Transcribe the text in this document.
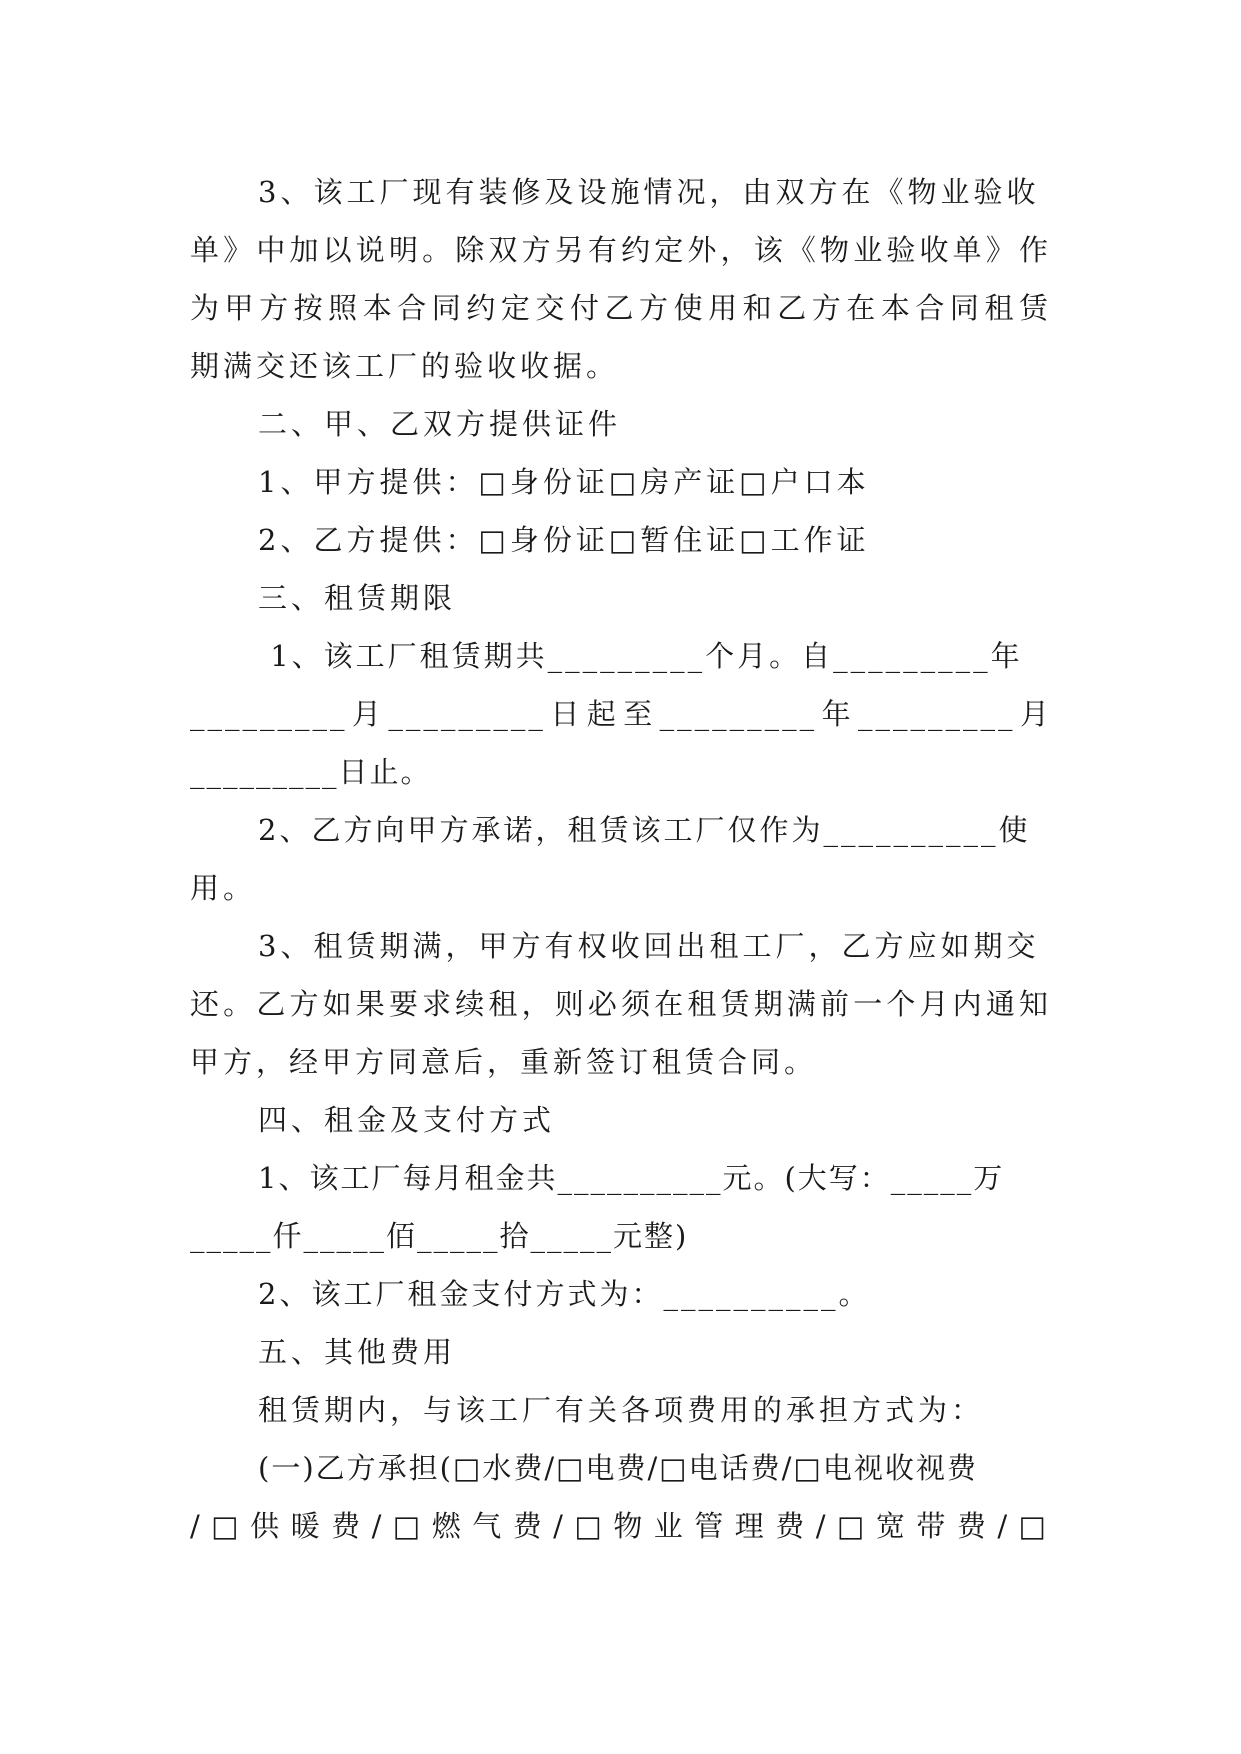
3、该工厂现有装修及设施情况，由双方在《物业验收
单》中加以说明。除双方另有约定外，该《物业验收单》作
为甲方按照本合同约定交付乙方使用和乙方在本合同租赁
期满交还该工厂的验收收据。
二、甲、乙双方提供证件
1、甲方提供：□身份证□房产证□户口本
2、乙方提供：□身份证□暂住证□工作证
三、租赁期限
1、该工厂租赁期共_________个月。自_________年
_________月_________日起至_________年_________月
_________日止。
2、乙方向甲方承诺，租赁该工厂仅作为__________使
用。
3、租赁期满，甲方有权收回出租工厂，乙方应如期交
还。乙方如果要求续租，则必须在租赁期满前一个月内通知
甲方，经甲方同意后，重新签订租赁合同。
四、租金及支付方式
1、该工厂每月租金共__________元。(大写：_____万
_____仟_____佰_____拾_____元整)
2、该工厂租金支付方式为：__________。
五、其他费用
租赁期内，与该工厂有关各项费用的承担方式为：
(一)乙方承担(□水费/□电费/□电话费/□电视收视费
/□供暖费/□燃气费/□物业管理费/□宽带费/□
